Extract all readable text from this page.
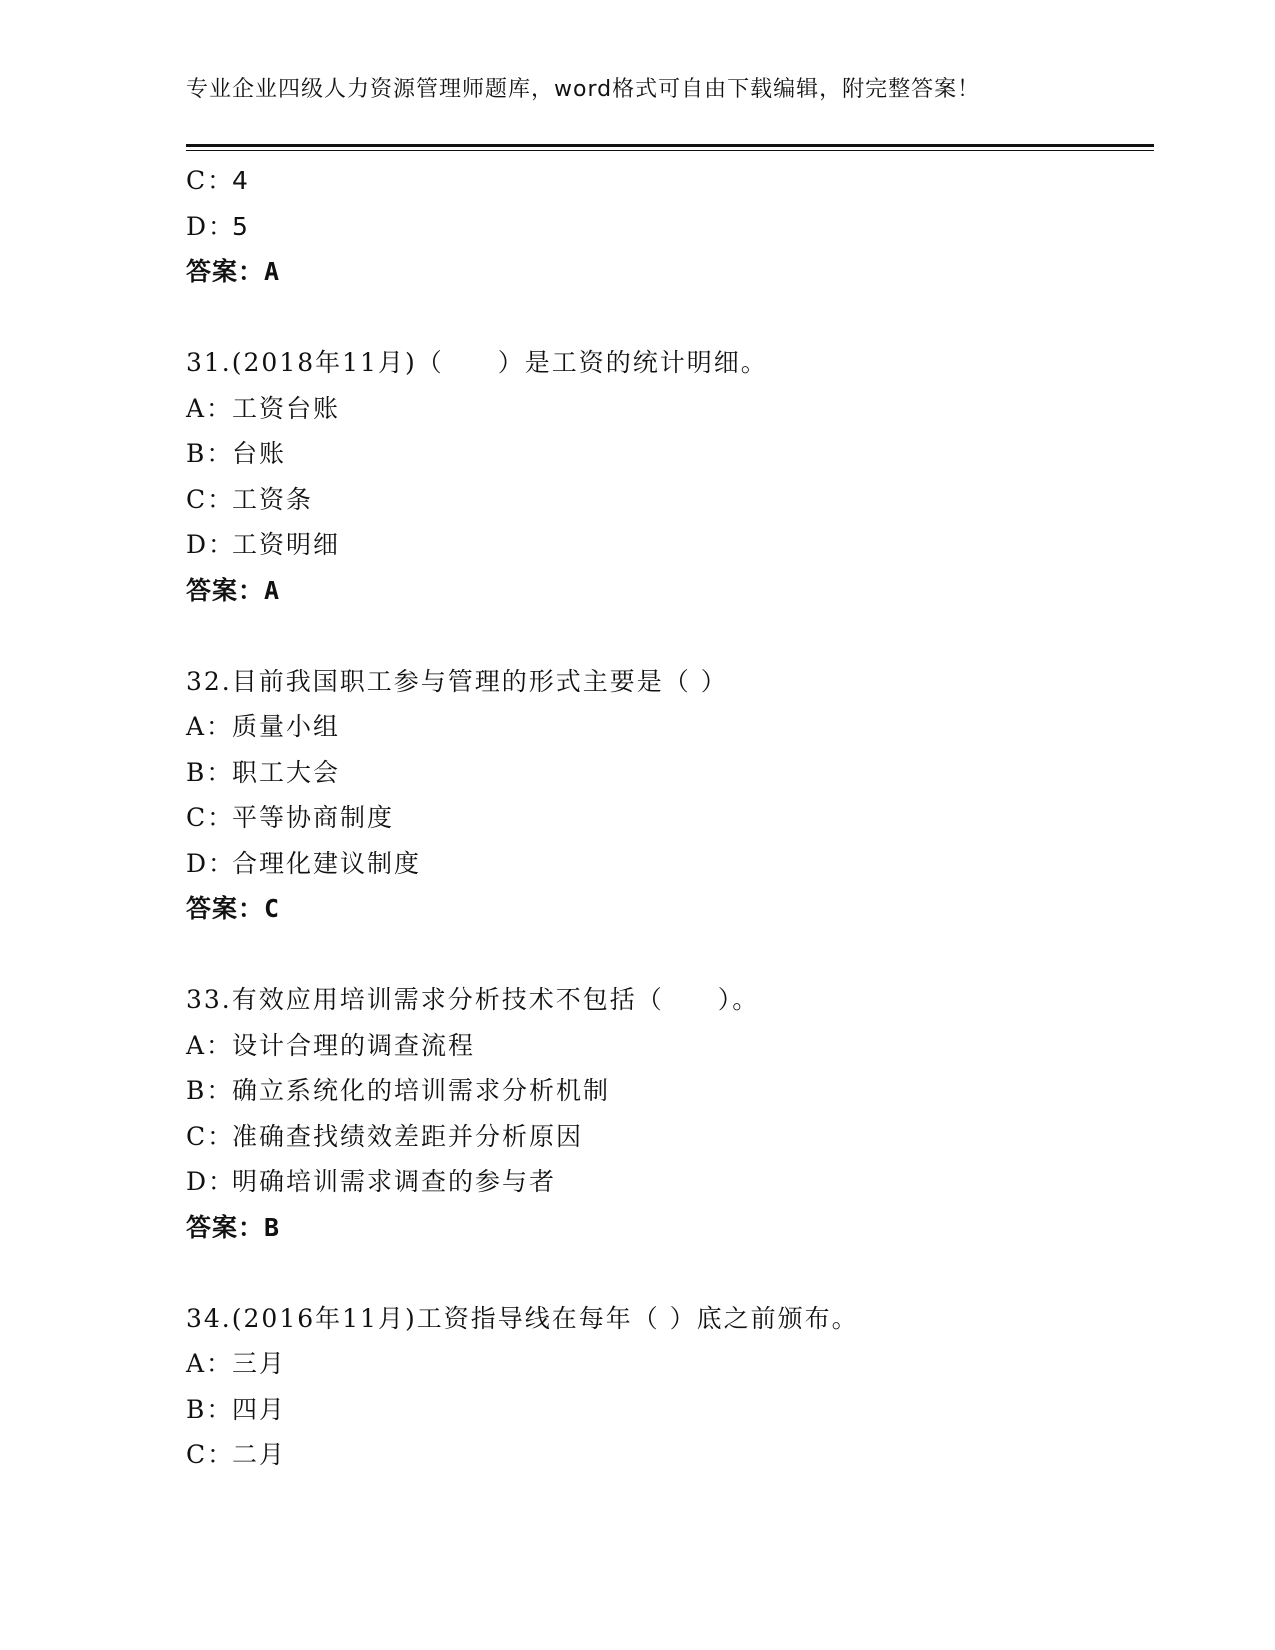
专业企业四级人力资源管理师题库，word格式可自由下载编辑，附完整答案！
C：4
D：5
答案：A
31.(2018年11月)（　　）是工资的统计明细。
A：工资台账
B：台账
C：工资条
D：工资明细
答案：A
32.目前我国职工参与管理的形式主要是（ ）
A：质量小组
B：职工大会
C：平等协商制度
D：合理化建议制度
答案：C
33.有效应用培训需求分析技术不包括（　　）。
A：设计合理的调查流程
B：确立系统化的培训需求分析机制
C：准确查找绩效差距并分析原因
D：明确培训需求调查的参与者
答案：B
34.(2016年11月)工资指导线在每年（ ）底之前颁布。
A：三月
B：四月
C：二月
